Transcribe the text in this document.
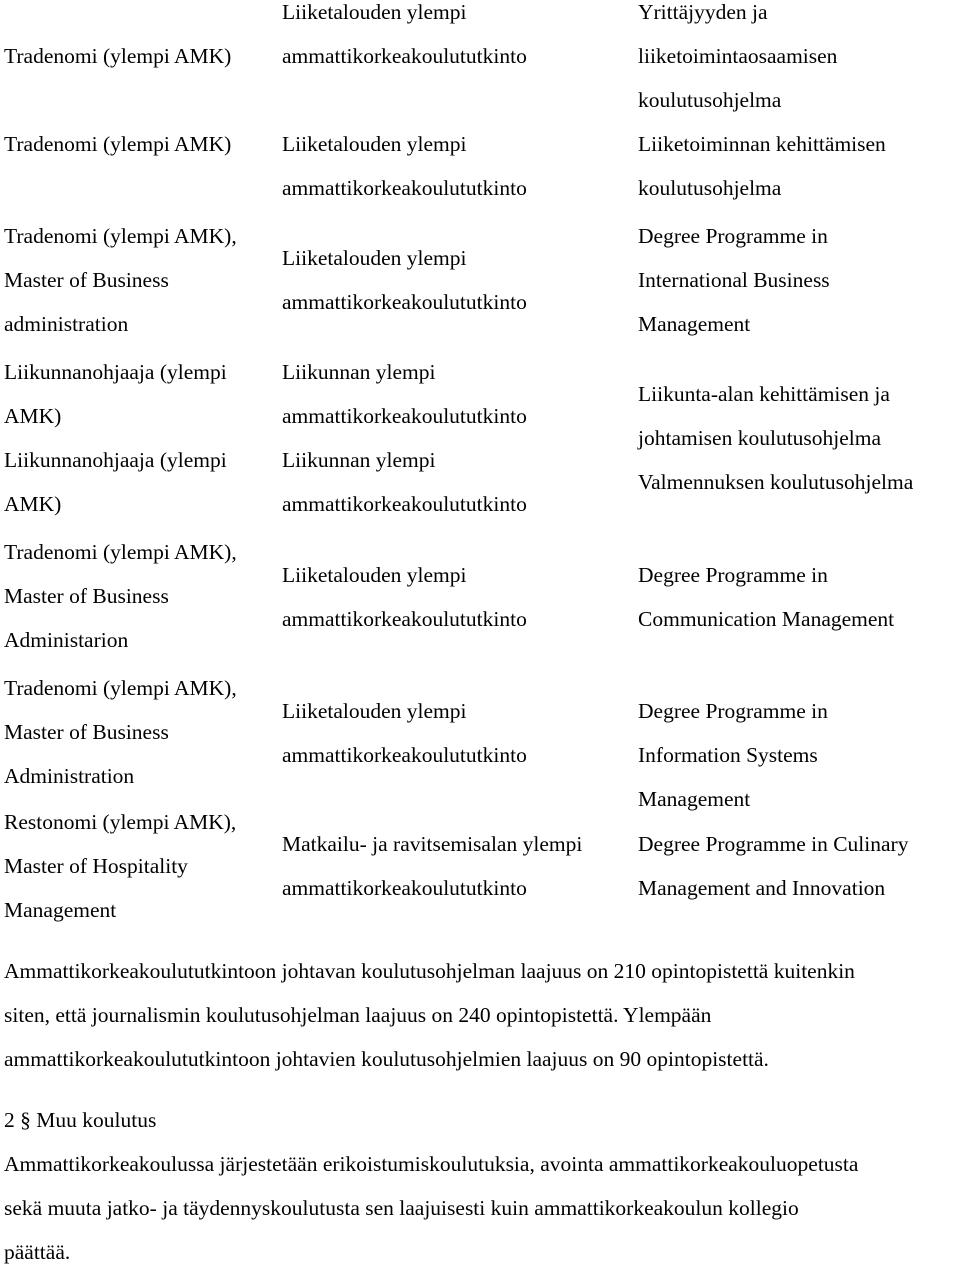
Tradenomi (ylempi AMK)
Liiketalouden ylempi
ammattikorkeakoulututkinto
Yrittäjyyden ja
liiketoimintaosaamisen
koulutusohjelma
Tradenomi (ylempi AMK) Liiketalouden ylempi
ammattikorkeakoulututkinto
Liiketoiminnan kehittämisen
koulutusohjelma
Tradenomi (ylempi AMK),
Master of Business
administration
Liiketalouden ylempi
ammattikorkeakoulututkinto
Degree Programme in
International Business
Management
Liikunnanohjaaja (ylempi
AMK)
Liikunnanohjaaja (ylempi
AMK)
Liikunnan ylempi
ammattikorkeakoulututkinto
Liikunnan ylempi
ammattikorkeakoulututkinto
Liikunta-alan kehittämisen ja
johtamisen koulutusohjelma
Valmennuksen koulutusohjelma
Tradenomi (ylempi AMK),
Master of Business
Administarion
Liiketalouden ylempi
ammattikorkeakoulututkinto
Degree Programme in
Communication Management
Tradenomi (ylempi AMK),
Master of Business
Administration
Liiketalouden ylempi
ammattikorkeakoulututkinto
Degree Programme in
Information Systems
Management
Restonomi (ylempi AMK),
Master of Hospitality
Management
Matkailu- ja ravitsemisalan ylempi
ammattikorkeakoulututkinto
Degree Programme in Culinary
Management and Innovation
Ammattikorkeakoulututkintoon johtavan koulutusohjelman laajuus on 210 opintopistettä kuitenkin
siten, että journalismin koulutusohjelman laajuus on 240 opintopistettä. Ylempään
ammattikorkeakoulututkintoon johtavien koulutusohjelmien laajuus on 90 opintopistettä.
2 § Muu koulutus
Ammattikorkeakoulussa järjestetään erikoistumiskoulutuksia, avointa ammattikorkeakouluopetusta
sekä muuta jatko- ja täydennyskoulutusta sen laajuisesti kuin ammattikorkeakoulun kollegio
päättää.
